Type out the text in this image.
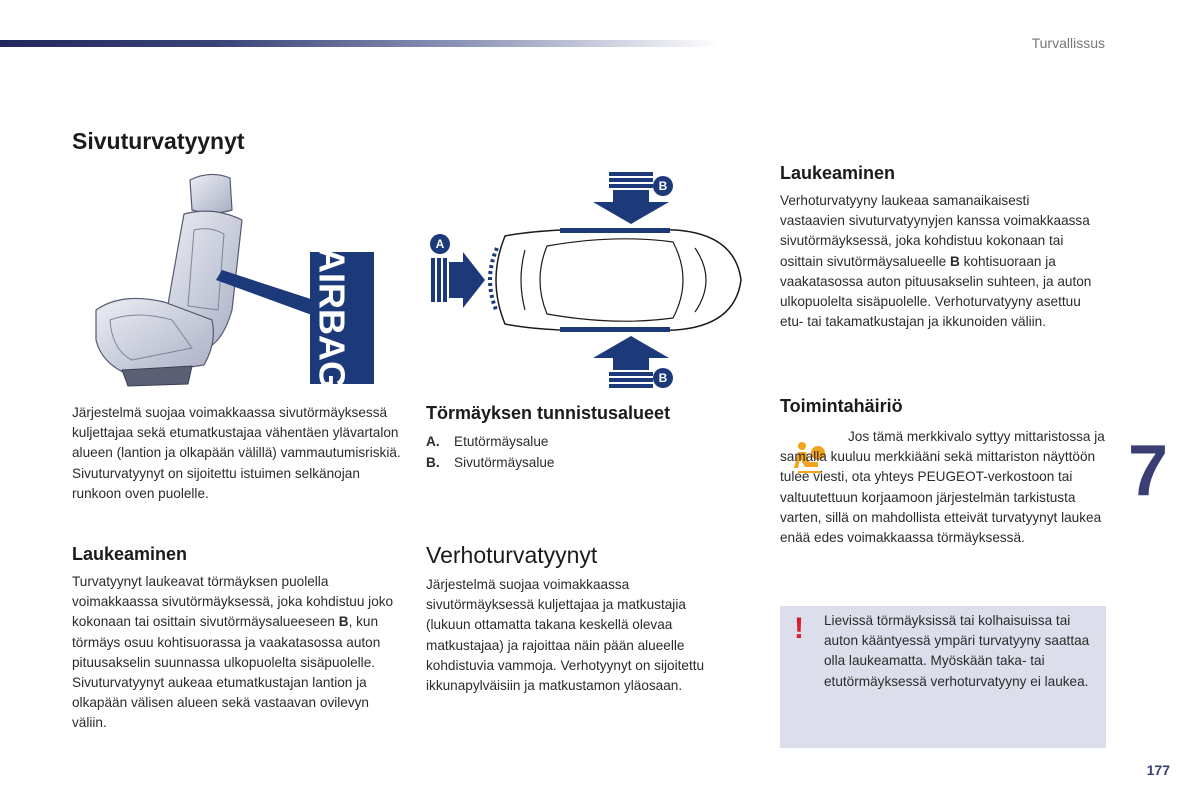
Turvallissus
Sivuturvatyynyt
AIRBAG

Järjestelmä suojaa voimakkaassa sivutörmäyksessä kuljettajaa sekä etumatkustajaa vähentäen ylävartalon alueen (lantion ja olkapään välillä) vammautumisriskiä. Sivuturvatyynyt on sijoitettu istuimen selkänojan runkoon oven puolelle.

Laukeaminen

Turvatyynyt laukeavat törmäyksen puolella voimakkaassa sivutörmäyksessä, joka kohdistuu joko kokonaan tai osittain sivutörmäysalueeseen B, kun törmäys osuu kohtisuorassa ja vaakatasossa auton pituusakselin suunnassa ulkopuolelta sisäpuolelle. Sivuturvatyynyt aukeaa etumatkustajan lantion ja olkapään välisen alueen sekä vastaavan ovilevyn väliin.

A
B
B
Törmäyksen tunnistusalueet
A. Etutörmäysalue
B. Sivutörmäysalue
Verhoturvatyynyt

Järjestelmä suojaa voimakkaassa sivutörmäyksessä kuljettajaa ja matkustajia (lukuun ottamatta takana keskellä olevaa matkustajaa) ja rajoittaa näin pään alueelle kohdistuvia vammoja. Verhotyynyt on sijoitettu ikkunapylväisiin ja matkustamon yläosaan.

Laukeaminen

Verhoturvatyyny laukeaa samanaikaisesti vastaavien sivuturvatyynyjen kanssa voimakkaassa sivutörmäyksessä, joka kohdistuu kokonaan tai osittain sivutörmäysalueelle B kohtisuoraan ja vaakatasossa auton pituusakselin suhteen, ja auton ulkopuolelta sisäpuolelle. Verhoturvatyyny asettuu etu- tai takamatkustajan ja ikkunoiden väliin.

Toimintahäiriö

Jos tämä merkkivalo syttyy mittaristossa ja samalla kuuluu merkkiääni sekä mittariston näyttöön tulee viesti, ota yhteys PEUGEOT-verkostoon tai valtuutettuun korjaamoon järjestelmän tarkistusta varten, sillä on mahdollista etteivät turvatyynyt laukea enää edes voimakkaassa törmäyksessä.

! Lievissä törmäyksissä tai kolhaisuissa tai auton kääntyessä ympäri turvatyyny saattaa olla laukeamatta. Myöskään taka- tai etutörmäyksessä verhoturvatyyny ei laukea.
7
177
